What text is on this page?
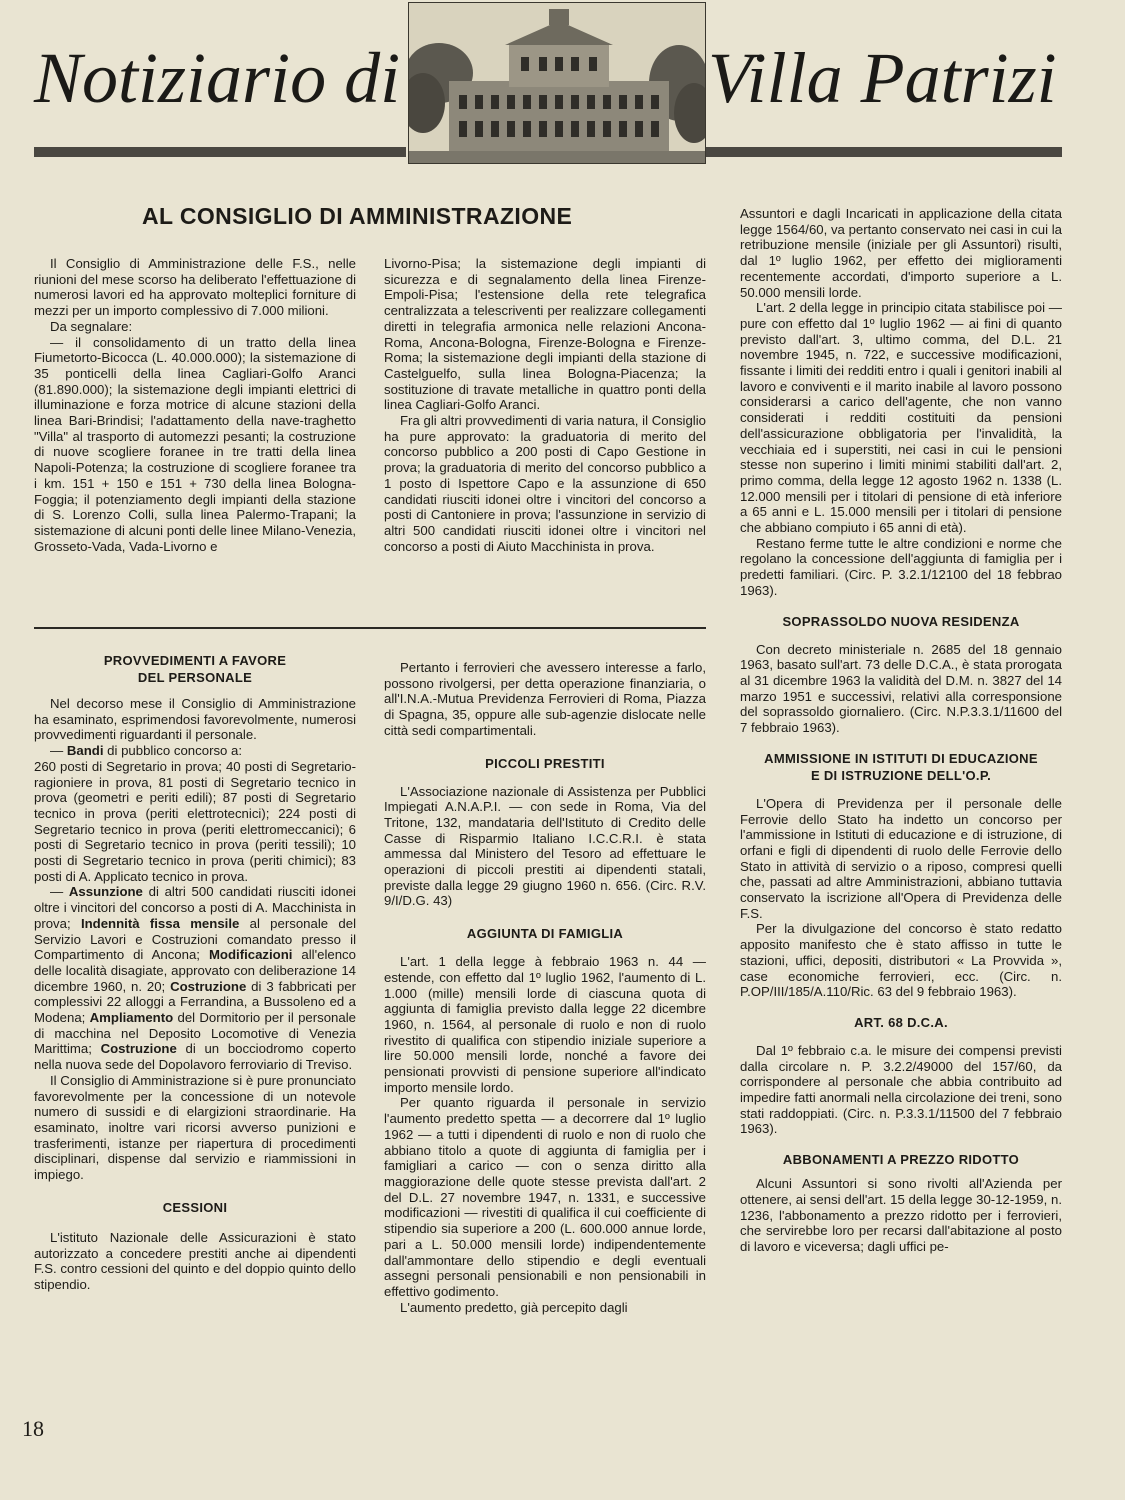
Notiziario di	Villa Patrizi
AL CONSIGLIO DI AMMINISTRAZIONE

Il Consiglio di Amministrazione delle F.S., nelle riunioni del mese scorso ha deliberato l'effettuazione di numerosi lavori ed ha approvato molteplici forniture di mezzi per un importo complessivo di 7.000 milioni.

Da segnalare:

— il consolidamento di un tratto della linea Fiumetorto-Bicocca (L. 40.000.000); la sistemazione di 35 ponticelli della linea Cagliari-Golfo Aranci (81.890.000); la sistemazione degli impianti elettrici di illuminazione e forza motrice di alcune stazioni della linea Bari-Brindisi; l'adattamento della nave-traghetto "Villa" al trasporto di automezzi pesanti; la costruzione di nuove scogliere foranee in tre tratti della linea Napoli-Potenza; la costruzione di scogliere foranee tra i km. 151 + 150 e 151 + 730 della linea Bologna-Foggia; il potenziamento degli impianti della stazione di S. Lorenzo Colli, sulla linea Palermo-Trapani; la sistemazione di alcuni ponti delle linee Milano-Venezia, Grosseto-Vada, Vada-Livorno e

Livorno-Pisa; la sistemazione degli impianti di sicurezza e di segnalamento della linea Firenze-Empoli-Pisa; l'estensione della rete telegrafica centralizzata a telescriventi per realizzare collegamenti diretti in telegrafia armonica nelle relazioni Ancona-Roma, Ancona-Bologna, Firenze-Bologna e Firenze-Roma; la sistemazione degli impianti della stazione di Castelguelfo, sulla linea Bologna-Piacenza; la sostituzione di travate metalliche in quattro ponti della linea Cagliari-Golfo Aranci.

Fra gli altri provvedimenti di varia natura, il Consiglio ha pure approvato: la graduatoria di merito del concorso pubblico a 200 posti di Capo Gestione in prova; la graduatoria di merito del concorso pubblico a 1 posto di Ispettore Capo e la assunzione di 650 candidati riusciti idonei oltre i vincitori del concorso a posti di Cantoniere in prova; l'assunzione in servizio di altri 500 candidati riusciti idonei oltre i vincitori nel concorso a posti di Aiuto Macchinista in prova.

Assuntori e dagli Incaricati in applicazione della citata legge 1564/60, va pertanto conservato nei casi in cui la retribuzione mensile (iniziale per gli Assuntori) risulti, dal 1º luglio 1962, per effetto dei miglioramenti recentemente accordati, d'importo superiore a L. 50.000 mensili lorde.

L'art. 2 della legge in principio citata stabilisce poi — pure con effetto dal 1º luglio 1962 — ai fini di quanto previsto dall'art. 3, ultimo comma, del D.L. 21 novembre 1945, n. 722, e successive modificazioni, fissante i limiti dei redditi entro i quali i genitori inabili al lavoro e conviventi e il marito inabile al lavoro possono considerarsi a carico dell'agente, che non vanno considerati i redditi costituiti da pensioni dell'assicurazione obbligatoria per l'invalidità, la vecchiaia ed i superstiti, nei casi in cui le pensioni stesse non superino i limiti minimi stabiliti dall'art. 2, primo comma, della legge 12 agosto 1962 n. 1338 (L. 12.000 mensili per i titolari di pensione di età inferiore a 65 anni e L. 15.000 mensili per i titolari di pensione che abbiano compiuto i 65 anni di età).

Restano ferme tutte le altre condizioni e norme che regolano la concessione dell'aggiunta di famiglia per i predetti familiari. (Circ. P. 3.2.1/12100 del 18 febbrao 1963).

SOPRASSOLDO NUOVA RESIDENZA

Con decreto ministeriale n. 2685 del 18 gennaio 1963, basato sull'art. 73 delle D.C.A., è stata prorogata al 31 dicembre 1963 la validità del D.M. n. 3827 del 14 marzo 1951 e successivi, relativi alla corresponsione del soprassoldo giornaliero. (Circ. N.P.3.3.1/11600 del 7 febbraio 1963).

AMMISSIONE IN ISTITUTI DI EDUCAZIONE
E DI ISTRUZIONE DELL'O.P.

L'Opera di Previdenza per il personale delle Ferrovie dello Stato ha indetto un concorso per l'ammissione in Istituti di educazione e di istruzione, di orfani e figli di dipendenti di ruolo delle Ferrovie dello Stato in attività di servizio o a riposo, compresi quelli che, passati ad altre Amministrazioni, abbiano tuttavia conservato la iscrizione all'Opera di Previdenza delle F.S.

Per la divulgazione del concorso è stato redatto apposito manifesto che è stato affisso in tutte le stazioni, uffici, depositi, distributori « La Provvida », case economiche ferrovieri, ecc. (Circ. n. P.OP/III/185/A.110/Ric. 63 del 9 febbraio 1963).

ART. 68 D.C.A.

Dal 1º febbraio c.a. le misure dei compensi previsti dalla circolare n. P. 3.2.2/49000 del 157/60, da corrispondere al personale che abbia contribuito ad impedire fatti anormali nella circolazione dei treni, sono stati raddoppiati. (Circ. n. P.3.3.1/11500 del 7 febbraio 1963).

ABBONAMENTI A PREZZO RIDOTTO

Alcuni Assuntori si sono rivolti all'Azienda per ottenere, ai sensi dell'art. 15 della legge 30-12-1959, n. 1236, l'abbonamento a prezzo ridotto per i ferrovieri, che servirebbe loro per recarsi dall'abitazione al posto di lavoro e viceversa; dagli uffici pe-

PROVVEDIMENTI A FAVORE
DEL PERSONALE

Nel decorso mese il Consiglio di Amministrazione ha esaminato, esprimendosi favorevolmente, numerosi provvedimenti riguardanti il personale.

— Bandi di pubblico concorso a:

260 posti di Segretario in prova; 40 posti di Segretario-ragioniere in prova, 81 posti di Segretario tecnico in prova (geometri e periti edili); 87 posti di Segretario tecnico in prova (periti elettrotecnici); 224 posti di Segretario tecnico in prova (periti elettromeccanici); 6 posti di Segretario tecnico in prova (periti tessili); 10 posti di Segretario tecnico in prova (periti chimici); 83 posti di A. Applicato tecnico in prova.

— Assunzione di altri 500 candidati riusciti idonei oltre i vincitori del concorso a posti di A. Macchinista in prova; Indennità fissa mensile al personale del Servizio Lavori e Costruzioni comandato presso il Compartimento di Ancona; Modificazioni all'elenco delle località disagiate, approvato con deliberazione 14 dicembre 1960, n. 20; Costruzione di 3 fabbricati per complessivi 22 alloggi a Ferrandina, a Bussoleno ed a Modena; Ampliamento del Dormitorio per il personale di macchina nel Deposito Locomotive di Venezia Marittima; Costruzione di un bocciodromo coperto nella nuova sede del Dopolavoro ferroviario di Treviso.

Il Consiglio di Amministrazione si è pure pronunciato favorevolmente per la concessione di un notevole numero di sussidi e di elargizioni straordinarie. Ha esaminato, inoltre vari ricorsi avverso punizioni e trasferimenti, istanze per riapertura di procedimenti disciplinari, dispense dal servizio e riammissioni in impiego.

CESSIONI

L'istituto Nazionale delle Assicurazioni è stato autorizzato a concedere prestiti anche ai dipendenti F.S. contro cessioni del quinto e del doppio quinto dello stipendio.

Pertanto i ferrovieri che avessero interesse a farlo, possono rivolgersi, per detta operazione finanziaria, o all'I.N.A.-Mutua Previdenza Ferrovieri di Roma, Piazza di Spagna, 35, oppure alle sub-agenzie dislocate nelle città sedi compartimentali.

PICCOLI PRESTITI

L'Associazione nazionale di Assistenza per Pubblici Impiegati A.N.A.P.I. — con sede in Roma, Via del Tritone, 132, mandataria dell'Istituto di Credito delle Casse di Risparmio Italiano I.C.C.R.I. è stata ammessa dal Ministero del Tesoro ad effettuare le operazioni di piccoli prestiti ai dipendenti statali, previste dalla legge 29 giugno 1960 n. 656. (Circ. R.V. 9/I/D.G. 43)

AGGIUNTA DI FAMIGLIA

L'art. 1 della legge à febbraio 1963 n. 44 — estende, con effetto dal 1º luglio 1962, l'aumento di L. 1.000 (mille) mensili lorde di ciascuna quota di aggiunta di famiglia previsto dalla legge 22 dicembre 1960, n. 1564, al personale di ruolo e non di ruolo rivestito di qualifica con stipendio iniziale superiore a lire 50.000 mensili lorde, nonché a favore dei pensionati provvisti di pensione superiore all'indicato importo mensile lordo.

Per quanto riguarda il personale in servizio l'aumento predetto spetta — a decorrere dal 1º luglio 1962 — a tutti i dipendenti di ruolo e non di ruolo che abbiano titolo a quote di aggiunta di famiglia per i famigliari a carico — con o senza diritto alla maggiorazione delle quote stesse prevista dall'art. 2 del D.L. 27 novembre 1947, n. 1331, e successive modificazioni — rivestiti di qualifica il cui coefficiente di stipendio sia superiore a 200 (L. 600.000 annue lorde, pari a L. 50.000 mensili lorde) indipendentemente dall'ammontare dello stipendio e degli eventuali assegni personali pensionabili e non pensionabili in effettivo godimento.

L'aumento predetto, già percepito dagli

18
